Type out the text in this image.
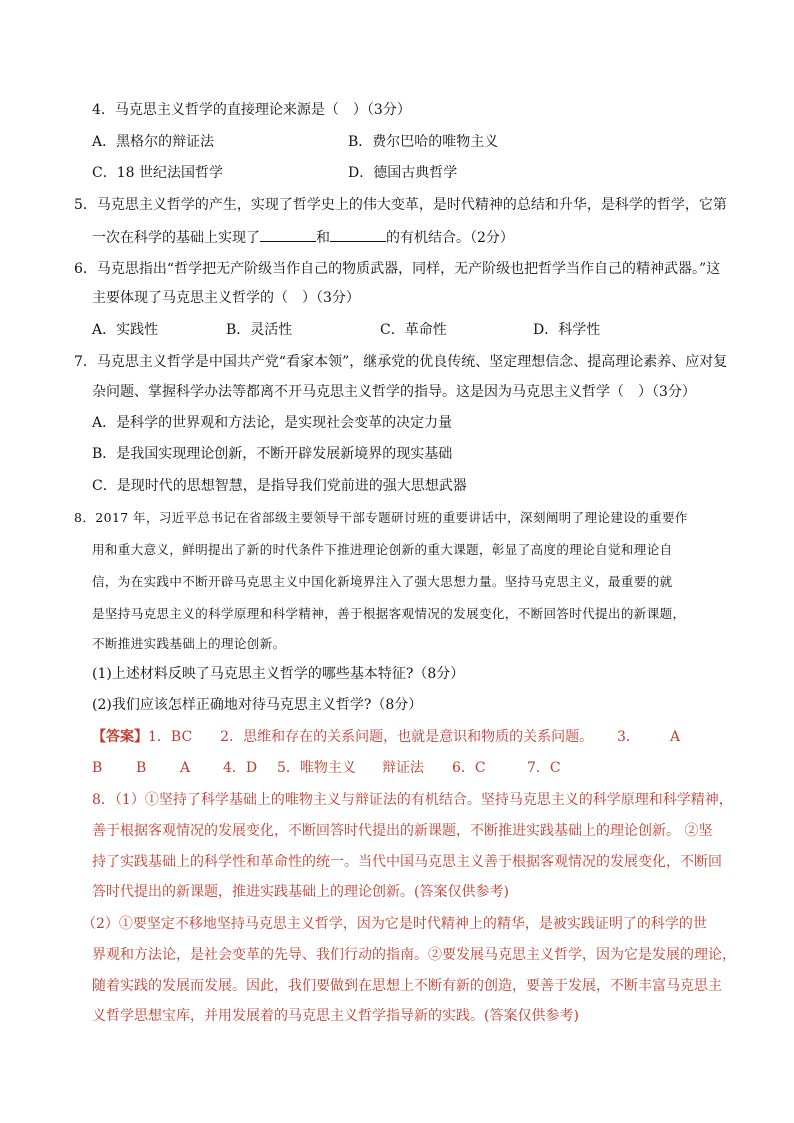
4．马克思主义哲学的直接理论来源是（　）（3分）
A．黑格尔的辩证法	B．费尔巴哈的唯物主义
C．18 世纪法国哲学	D．德国古典哲学
5．马克思主义哲学的产生，实现了哲学史上的伟大变革，是时代精神的总结和升华，是科学的哲学，它第
一次在科学的基础上实现了	和	的有机结合。（2分）
6．马克思指出“哲学把无产阶级当作自己的物质武器，同样，无产阶级也把哲学当作自己的精神武器。”这
主要体现了马克思主义哲学的（　）（3分）
A．实践性	B．灵活性	C．革命性	D．科学性
7．马克思主义哲学是中国共产党“看家本领”，继承党的优良传统、坚定理想信念、提高理论素养、应对复
杂问题、掌握科学办法等都离不开马克思主义哲学的指导。这是因为马克思主义哲学（　）（3分）
A．是科学的世界观和方法论，是实现社会变革的决定力量
B．是我国实现理论创新，不断开辟发展新境界的现实基础
C．是现时代的思想智慧，是指导我们党前进的强大思想武器
8．2017 年，习近平总书记在省部级主要领导干部专题研讨班的重要讲话中，深刻阐明了理论建设的重要作
用和重大意义，鲜明提出了新的时代条件下推进理论创新的重大课题，彰显了高度的理论自觉和理论自
信，为在实践中不断开辟马克思主义中国化新境界注入了强大思想力量。坚持马克思主义，最重要的就
是坚持马克思主义的科学原理和科学精神，善于根据客观情况的发展变化，不断回答时代提出的新课题，
不断推进实践基础上的理论创新。
(1)上述材料反映了马克思主义哲学的哪些基本特征?（8分）
(2)我们应该怎样正确地对待马克思主义哲学?（8分）
【答案】1．BC 2．思维和存在的关系问题，也就是意识和物质的关系问题。 3． A
B B A 4．D 5．唯物主义 辩证法 6．C	7．C
8．（1）①坚持了科学基础上的唯物主义与辩证法的有机结合。坚持马克思主义的科学原理和科学精神，
善于根据客观情况的发展变化，不断回答时代提出的新课题，不断推进实践基础上的理论创新。 ②坚
持了实践基础上的科学性和革命性的统一。当代中国马克思主义善于根据客观情况的发展变化，不断回
答时代提出的新课题，推进实践基础上的理论创新。(答案仅供参考)
（2）①要坚定不移地坚持马克思主义哲学，因为它是时代精神上的精华，是被实践证明了的科学的世
界观和方法论，是社会变革的先导、我们行动的指南。②要发展马克思主义哲学，因为它是发展的理论，
随着实践的发展而发展。因此，我们要做到在思想上不断有新的创造，要善于发展，不断丰富马克思主
义哲学思想宝库，并用发展着的马克思主义哲学指导新的实践。(答案仅供参考)
